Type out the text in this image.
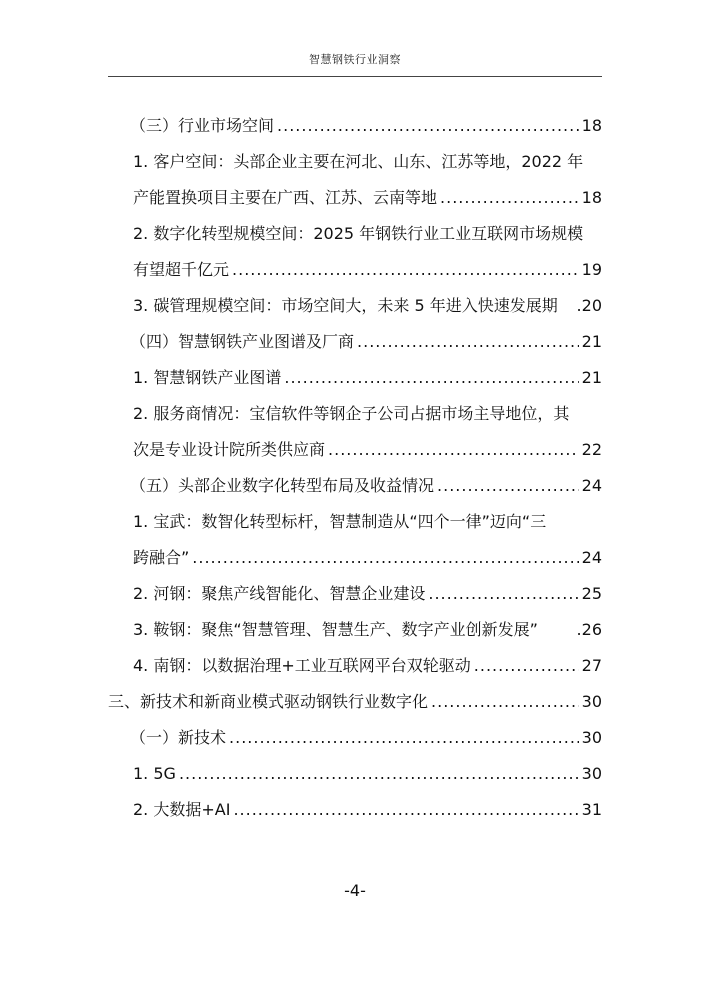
智慧钢铁行业洞察
（三）行业市场空间 .....	18
1. 客户空间：头部企业主要在河北、山东、江苏等地，2022 年
产能置换项目主要在广西、江苏、云南等地 .....	18
2. 数字化转型规模空间：2025 年钢铁行业工业互联网市场规模
有望超千亿元 .....	19
3. 碳管理规模空间：市场空间大，未来 5 年进入快速发展期 .20
（四）智慧钢铁产业图谱及厂商 .....	21
1. 智慧钢铁产业图谱 .....	21
2. 服务商情况：宝信软件等钢企子公司占据市场主导地位，其
次是专业设计院所类供应商 .....	22
（五）头部企业数字化转型布局及收益情况 .....	24
1. 宝武：数智化转型标杆，智慧制造从“四个一律”迈向“三
跨融合” .....	24
2. 河钢：聚焦产线智能化、智慧企业建设 .....	25
3. 鞍钢：聚焦“智慧管理、智慧生产、数字产业创新发展” .26
4. 南钢：以数据治理+工业互联网平台双轮驱动 .....	27
三、新技术和新商业模式驱动钢铁行业数字化 .....	30
（一）新技术 .....	30
1. 5G .....	30
2. 大数据+AI .....	31
-4-
